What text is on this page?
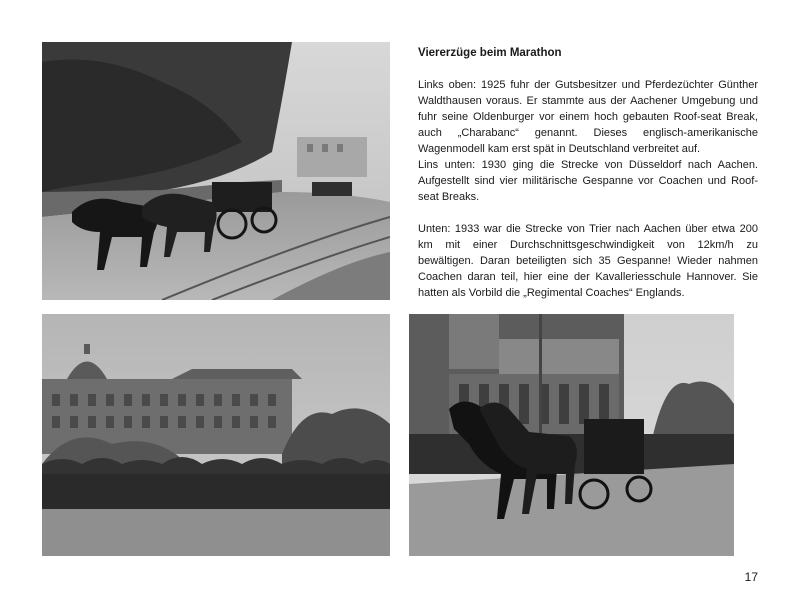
Viererzüge beim Marathon

Links oben: 1925 fuhr der Gutsbesitzer und Pferdezüchter Günther Waldthausen voraus. Er stammte aus der Aachener Umgebung und fuhr seine Oldenburger vor einem hoch gebauten Roof-seat Break, auch „Charabanc“ genannt. Dieses englisch-amerikanische Wagenmodell kam erst spät in Deutschland verbreitet auf.

Lins unten: 1930 ging die Strecke von Düsseldorf nach Aachen. Aufgestellt sind vier militärische Gespanne vor Coachen und Roof-seat Breaks.

Unten: 1933 war die Strecke von Trier nach Aachen über etwa 200 km mit einer Durchschnittsgeschwindigkeit von 12km/h zu bewältigen. Daran beteiligten sich 35 Gespanne! Wieder nahmen Coachen daran teil, hier eine der Kavalleriesschule Hannover. Sie hatten als Vorbild die „Regimental Coaches“ Englands.

17
